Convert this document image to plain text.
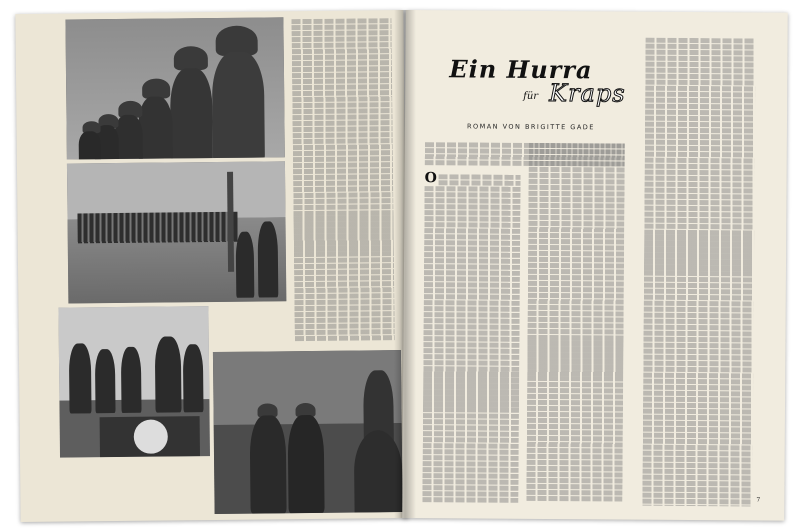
Ein Hurra
für Kraps
ROMAN VON BRIGITTE GADE
O
7
